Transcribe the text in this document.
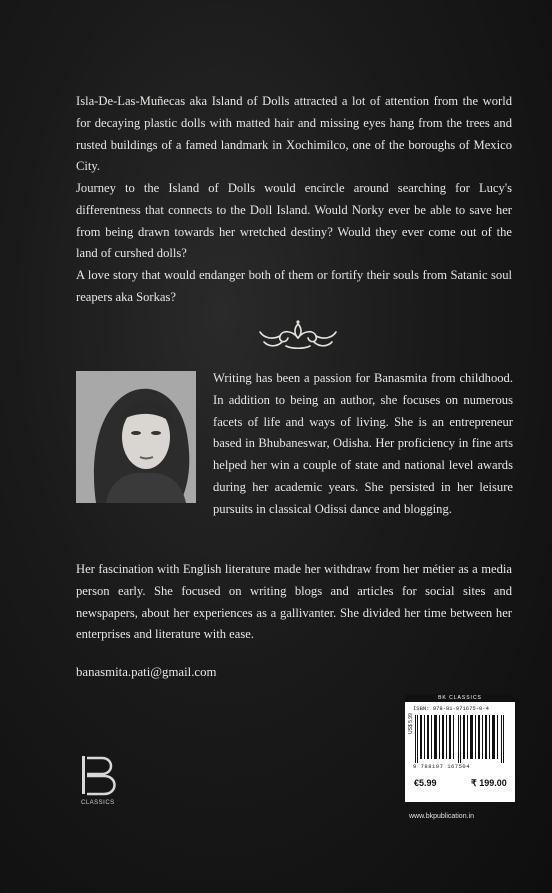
Isla-De-Las-Muñecas aka Island of Dolls attracted a lot of attention from the world for decaying plastic dolls with matted hair and missing eyes hang from the trees and rusted buildings of a famed landmark in Xochimilco, one of the boroughs of Mexico City.

Journey to the Island of Dolls would encircle around searching for Lucy's differentness that connects to the Doll Island. Would Norky ever be able to save her from being drawn towards her wretched destiny? Would they ever come out of the land of curshed dolls?

A love story that would endanger both of them or fortify their souls from Satanic soul reapers aka Sorkas?

Writing has been a passion for Banasmita from childhood. In addition to being an author, she focuses on numerous facets of life and ways of living. She is an entrepreneur based in Bhubaneswar, Odisha. Her proficiency in fine arts helped her win a couple of state and national level awards during her academic years. She persisted in her leisure pursuits in classical Odissi dance and blogging.

Her fascination with English literature made her withdraw from her métier as a media person early. She focused on writing blogs and articles for social sites and newspapers, about her experiences as a gallivanter. She divided her time between her enterprises and literature with ease.

banasmita.pati@gmail.com
CLASSICS
BK CLASSICS
ISBN: 978-81-971675-0-4
US$ 5.99
9 788197 167504
€5.99	₹ 199.00
www.bkpublication.in
